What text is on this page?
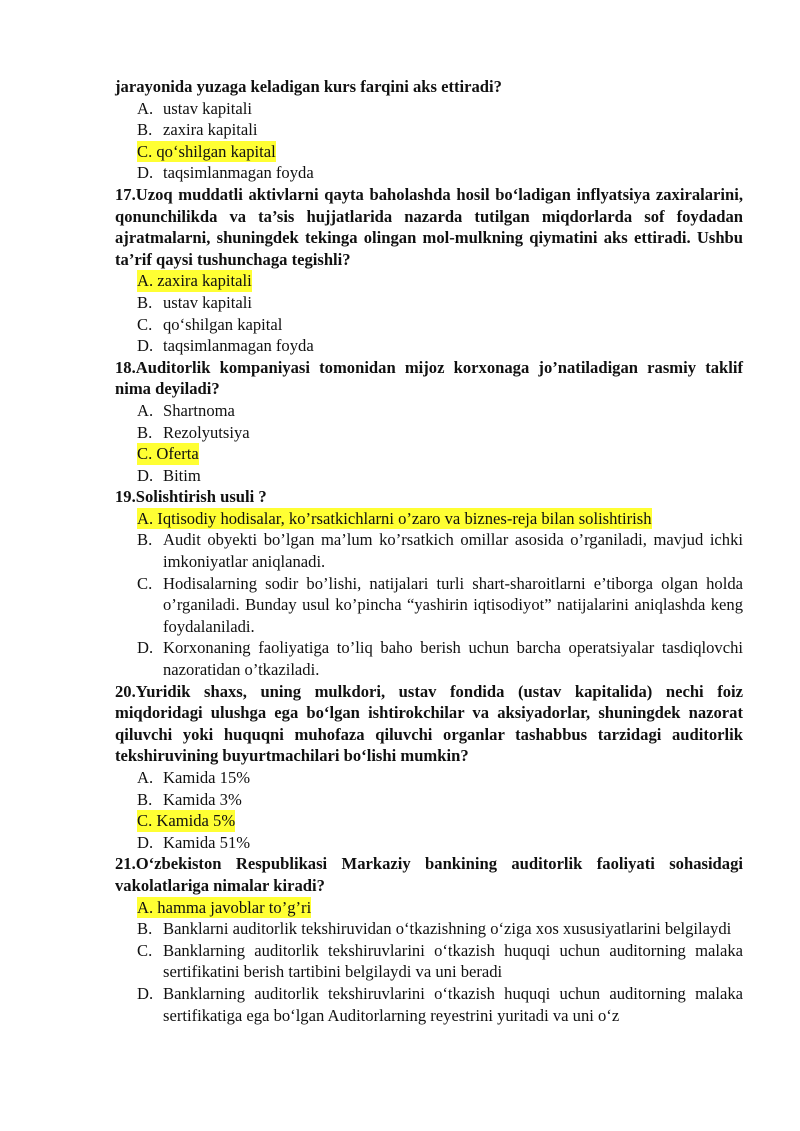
jarayonida yuzaga keladigan kurs farqini aks ettiradi?
A. ustav kapitali
B. zaxira kapitali
C. qo‘shilgan kapital
D. taqsimlanmagan foyda
17.Uzoq muddatli aktivlarni qayta baholashda hosil bo‘ladigan inflyatsiya zaxiralarini, qonunchilikda va ta’sis hujjatlarida nazarda tutilgan miqdorlarda sof foydadan ajratmalarni, shuningdek tekinga olingan mol-mulkning qiymatini aks ettiradi. Ushbu ta’rif qaysi tushunchaga tegishli?
A. zaxira kapitali
B. ustav kapitali
C. qo‘shilgan kapital
D. taqsimlanmagan foyda
18.Auditorlik kompaniyasi tomonidan mijoz korxonaga jo’natiladigan rasmiy taklif nima deyiladi?
A. Shartnoma
B. Rezolyutsiya
C. Oferta
D. Bitim
19.Solishtirish usuli ?
A. Iqtisodiy hodisalar, ko’rsatkichlarni o’zaro va biznes-reja bilan solishtirish
B. Audit obyekti bo’lgan ma’lum ko’rsatkich omillar asosida o’rganiladi, mavjud ichki imkoniyatlar aniqlanadi.
C. Hodisalarning sodir bo’lishi, natijalari turli shart-sharoitlarni e’tiborga olgan holda o’rganiladi. Bunday usul ko’pincha “yashirin iqtisodiyot” natijalarini aniqlashda keng foydalaniladi.
D. Korxonaning faoliyatiga to’liq baho berish uchun barcha operatsiyalar tasdiqlovchi nazoratidan o’tkaziladi.
20.Yuridik shaxs, uning mulkdori, ustav fondida (ustav kapitalida) nechi foiz miqdoridagi ulushga ega bo‘lgan ishtirokchilar va aksiyadorlar, shuningdek nazorat qiluvchi yoki huquqni muhofaza qiluvchi organlar tashabbus tarzidagi auditorlik tekshiruvining buyurtmachilari bo‘lishi mumkin?
A. Kamida 15%
B. Kamida 3%
C. Kamida 5%
D. Kamida 51%
21.O‘zbekiston Respublikasi Markaziy bankining auditorlik faoliyati sohasidagi vakolatlariga nimalar kiradi?
A. hamma javoblar to’g’ri
B. Banklarni auditorlik tekshiruvidan o‘tkazishning o‘ziga xos xususiyatlarini belgilaydi
C. Banklarning auditorlik tekshiruvlarini o‘tkazish huquqi uchun auditorning malaka sertifikatini berish tartibini belgilaydi va uni beradi
D. Banklarning auditorlik tekshiruvlarini o‘tkazish huquqi uchun auditorning malaka sertifikatiga ega bo‘lgan Auditorlarning reyestrini yuritadi va uni o‘z
